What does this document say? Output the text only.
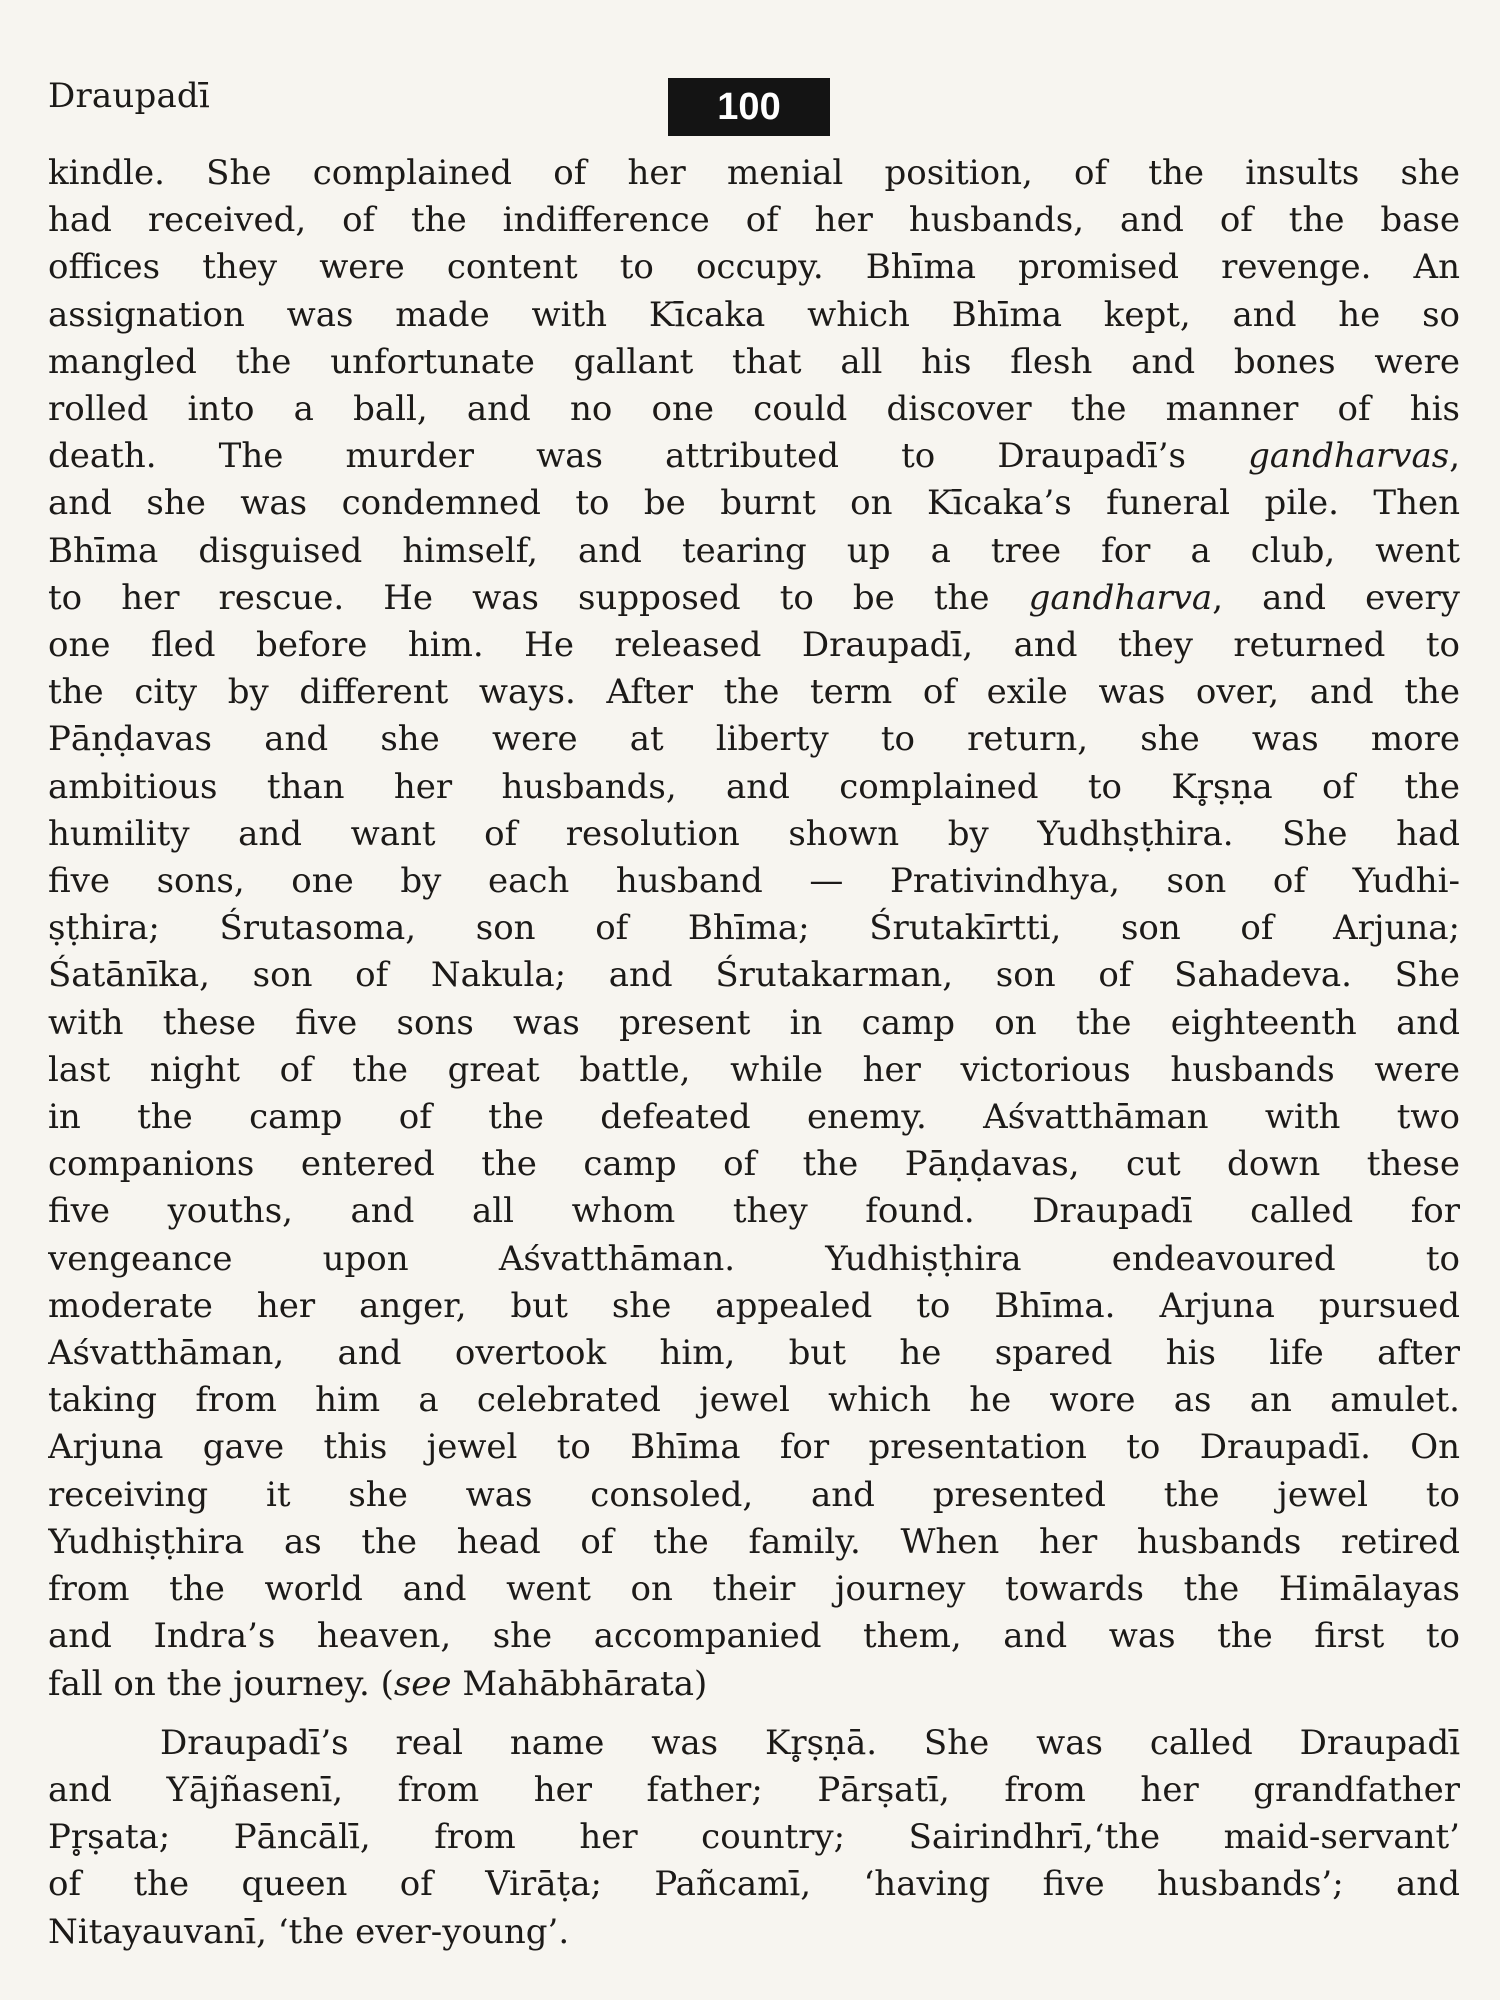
Draupadī	100
kindle. She complained of her menial position, of the insults she
had received, of the indifference of her husbands, and of the base
offices they were content to occupy. Bhīma promised revenge. An
assignation was made with Kīcaka which Bhīma kept, and he so
mangled the unfortunate gallant that all his flesh and bones were
rolled into a ball, and no one could discover the manner of his
death. The murder was attributed to Draupadī’s gandharvas,
and she was condemned to be burnt on Kīcaka’s funeral pile. Then
Bhīma disguised himself, and tearing up a tree for a club, went
to her rescue. He was supposed to be the gandharva, and every
one fled before him. He released Draupadī, and they returned to
the city by different ways. After the term of exile was over, and the
Pāṇḍavas and she were at liberty to return, she was more
ambitious than her husbands, and complained to Kr̥ṣṇa of the
humility and want of resolution shown by Yudhṣṭhira. She had
five sons, one by each husband — Prativindhya, son of Yudhi-
ṣṭhira; Śrutasoma, son of Bhīma; Śrutakīrtti, son of Arjuna;
Śatānīka, son of Nakula; and Śrutakarman, son of Sahadeva. She
with these five sons was present in camp on the eighteenth and
last night of the great battle, while her victorious husbands were
in the camp of the defeated enemy. Aśvatthāman with two
companions entered the camp of the Pāṇḍavas, cut down these
five youths, and all whom they found. Draupadī called for
vengeance upon Aśvatthāman. Yudhiṣṭhira endeavoured to
moderate her anger, but she appealed to Bhīma. Arjuna pursued
Aśvatthāman, and overtook him, but he spared his life after
taking from him a celebrated jewel which he wore as an amulet.
Arjuna gave this jewel to Bhīma for presentation to Draupadī. On
receiving it she was consoled, and presented the jewel to
Yudhiṣṭhira as the head of the family. When her husbands retired
from the world and went on their journey towards the Himālayas
and Indra’s heaven, she accompanied them, and was the first to
fall on the journey. (see Mahābhārata)
Draupadī’s real name was Kr̥ṣṇā. She was called Draupadī
and Yājñasenī, from her father; Pārṣatī, from her grandfather
Pr̥ṣata; Pāncālī, from her country; Sairindhrī,‘the maid-servant’
of the queen of Virāṭa; Pañcamī, ‘having five husbands’; and
Nitayauvanī, ‘the ever-young’.
